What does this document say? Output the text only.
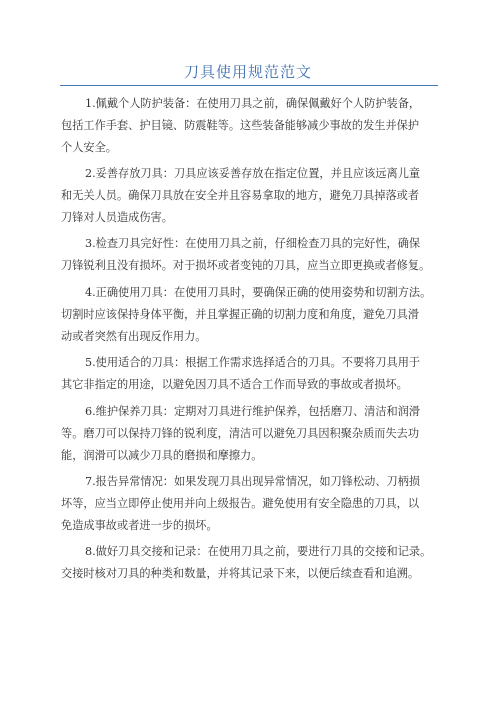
刀具使用规范范文
1.佩戴个人防护装备：在使用刀具之前，确保佩戴好个人防护装备，
包括工作手套、护目镜、防震鞋等。这些装备能够减少事故的发生并保护
个人安全。
2.妥善存放刀具：刀具应该妥善存放在指定位置，并且应该远离儿童
和无关人员。确保刀具放在安全并且容易拿取的地方，避免刀具掉落或者
刀锋对人员造成伤害。
3.检查刀具完好性：在使用刀具之前，仔细检查刀具的完好性，确保
刀锋锐利且没有损坏。对于损坏或者变钝的刀具，应当立即更换或者修复。
4.正确使用刀具：在使用刀具时，要确保正确的使用姿势和切割方法。
切割时应该保持身体平衡，并且掌握正确的切割力度和角度，避免刀具滑
动或者突然有出现反作用力。
5.使用适合的刀具：根据工作需求选择适合的刀具。不要将刀具用于
其它非指定的用途，以避免因刀具不适合工作而导致的事故或者损坏。
6.维护保养刀具：定期对刀具进行维护保养，包括磨刀、清洁和润滑
等。磨刀可以保持刀锋的锐利度，清洁可以避免刀具因积聚杂质而失去功
能，润滑可以减少刀具的磨损和摩擦力。
7.报告异常情况：如果发现刀具出现异常情况，如刀锋松动、刀柄损
坏等，应当立即停止使用并向上级报告。避免使用有安全隐患的刀具，以
免造成事故或者进一步的损坏。
8.做好刀具交接和记录：在使用刀具之前，要进行刀具的交接和记录。
交接时核对刀具的种类和数量，并将其记录下来，以便后续查看和追溯。
